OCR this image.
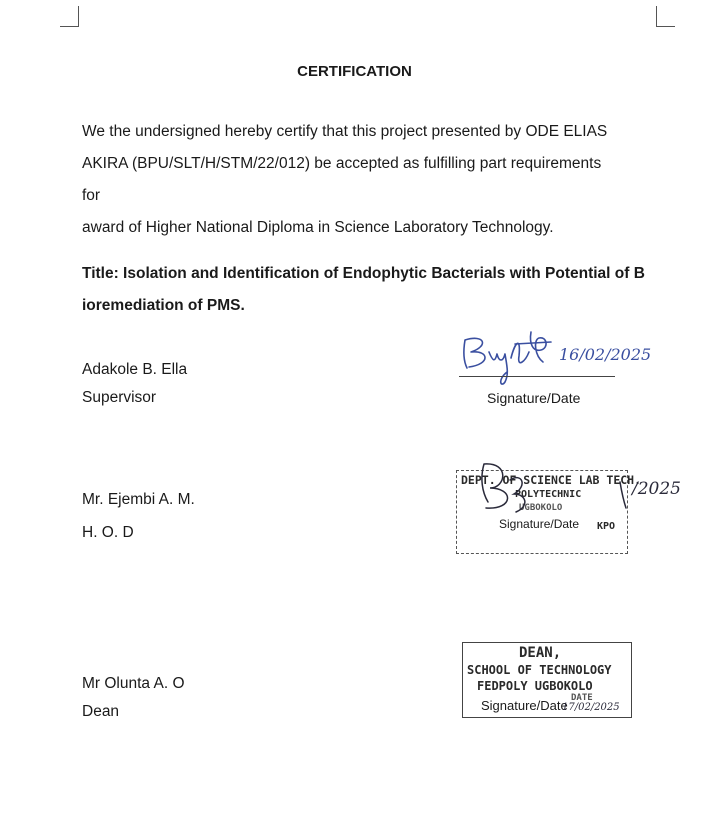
CERTIFICATION
We the undersigned hereby certify that this project presented by ODE ELIAS
AKIRA (BPU/SLT/H/STM/22/012) be accepted as fulfilling part requirements
for
award of Higher National Diploma in Science Laboratory Technology.
Title: Isolation and Identification of Endophytic Bacterials with Potential of B
ioremediation of PMS.
Adakole B. Ella
Supervisor
16/02/2025
Signature/Date
Mr. Ejembi A. M.
H. O. D
DEPT. OF SCIENCE LAB TECH.
POLYTECHNIC
UGBOKOLO
KPO
Signature/Date
/2025
Mr Olunta A. O
Dean
DEAN,
SCHOOL OF TECHNOLOGY
FEDPOLY UGBOKOLO
DATE
Signature/Date
17/02/2025
